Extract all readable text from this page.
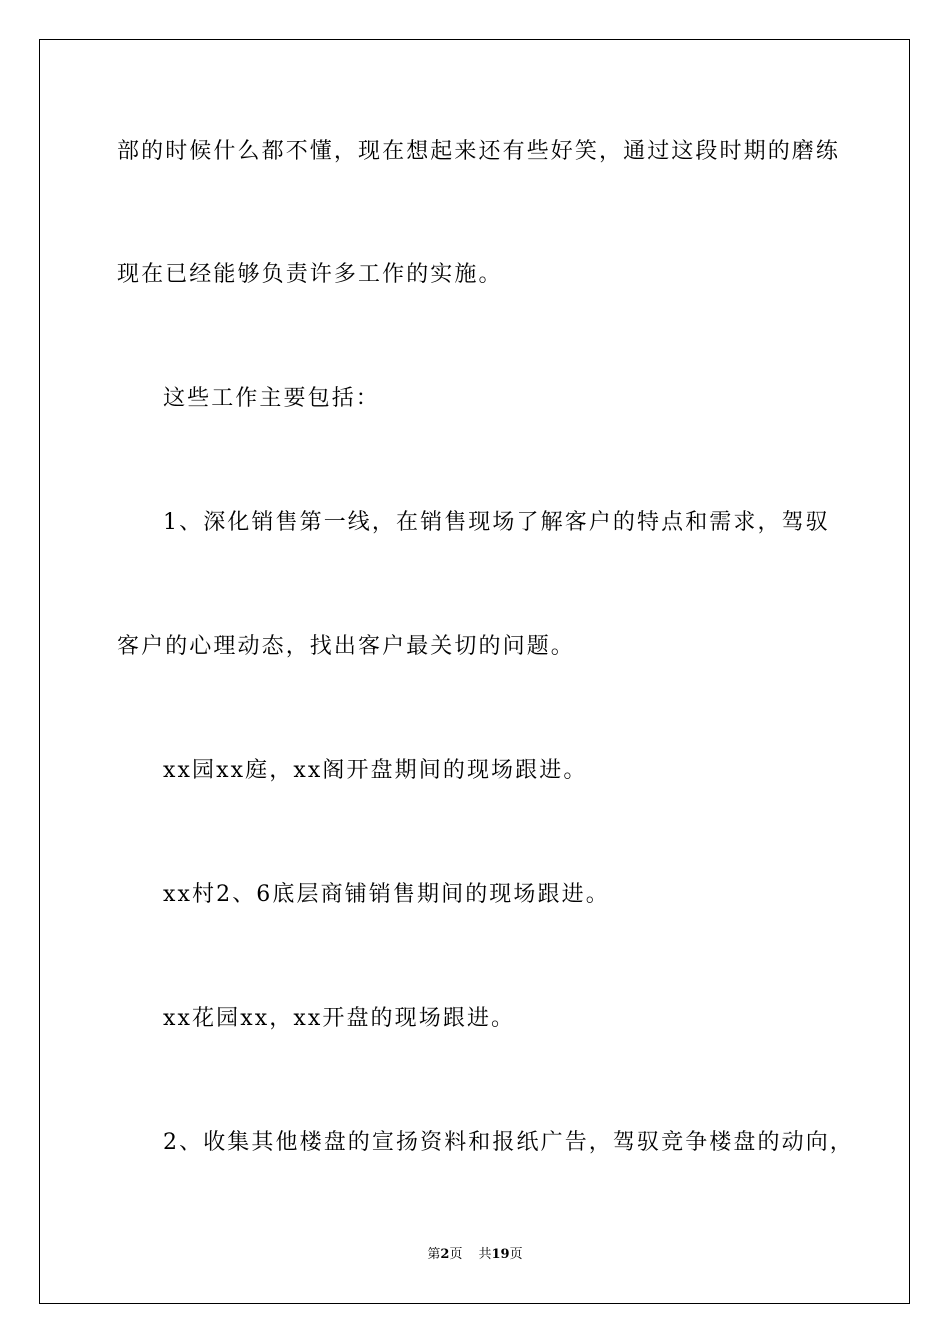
部的时候什么都不懂，现在想起来还有些好笑，通过这段时期的磨练
现在已经能够负责许多工作的实施。
这些工作主要包括：
1、深化销售第一线，在销售现场了解客户的特点和需求，驾驭
客户的心理动态，找出客户最关切的问题。
xx园xx庭，xx阁开盘期间的现场跟进。
xx村2、6底层商铺销售期间的现场跟进。
xx花园xx，xx开盘的现场跟进。
2、收集其他楼盘的宣扬资料和报纸广告，驾驭竞争楼盘的动向，
第2页 共19页
